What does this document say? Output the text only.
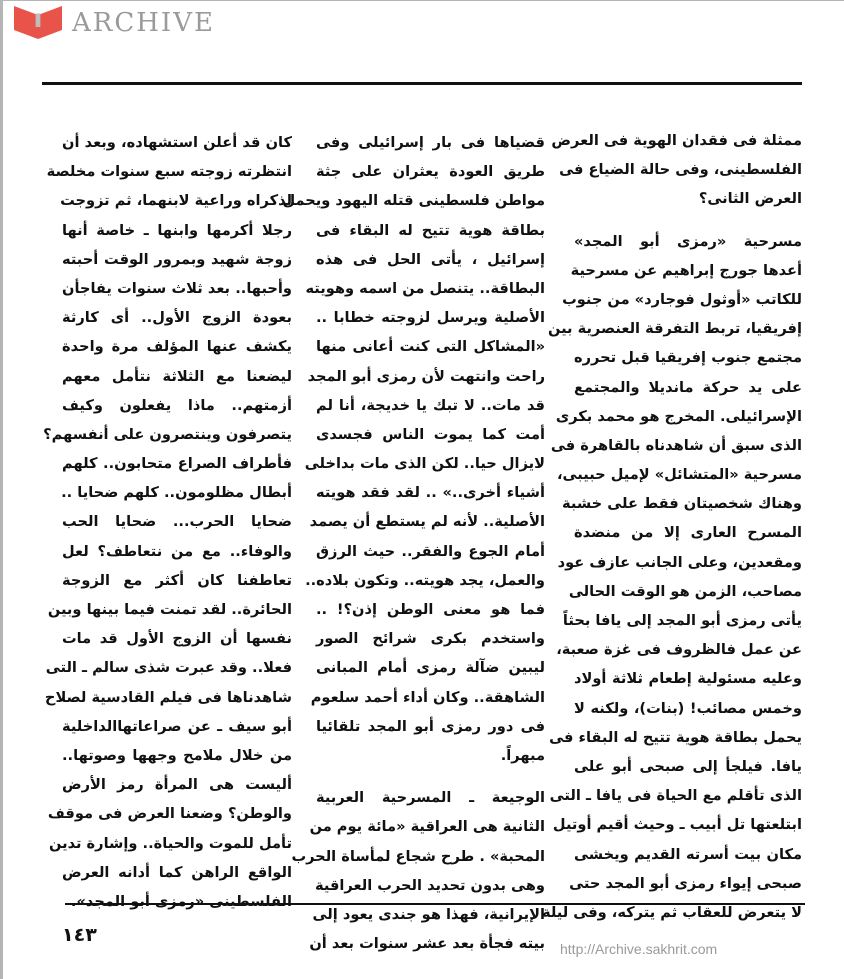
ARCHIVE
http://Archive.sakhrit.com

ممثلة فى فقدان الهوية فى العرض
الفلسطينى، وفى حالة الضياع فى
العرض الثانى؟

مسرحية «رمزى أبو المجد»
أعدها جورج إبراهيم عن مسرحية
للكاتب «أوثول فوجارد» من جنوب
إفريقيا، تربط التفرقة العنصرية بين
مجتمع جنوب إفريقيا قبل تحرره
على يد حركة مانديلا والمجتمع
الإسرائيلى. المخرج هو محمد بكرى
الذى سبق أن شاهدناه بالقاهرة فى
مسرحية «المتشائل» لإميل حبيبى،
وهناك شخصيتان فقط على خشبة
المسرح العارى إلا من منضدة
ومقعدين، وعلى الجانب عازف عود
مصاحب، الزمن هو الوقت الحالى
يأتى رمزى أبو المجد إلى يافا بحثاً
عن عمل فالظروف فى غزة صعبة،
وعليه مسئولية إطعام ثلاثة أولاد
وخمس مصائب! (بنات)، ولكنه لا
يحمل بطاقة هوية تتيح له البقاء فى
يافا. فيلجأ إلى صبحى أبو على
الذى تأقلم مع الحياة فى يافا ـ التى
ابتلعتها تل أبيب ـ وحيث أقيم أوتيل
مكان بيت أسرته القديم ويخشى
صبحى إيواء رمزى أبو المجد حتى
لا يتعرض للعقاب ثم يتركه، وفى ليلة

قضياها فى بار إسرائيلى وفى
طريق العودة يعثران على جثة
مواطن فلسطينى قتله اليهود ويحمل
بطاقة هوية تتيح له البقاء فى
إسرائيل ، يأتى الحل فى هذه
البطاقة.. يتنصل من اسمه وهويته
الأصلية ويرسل لزوجته خطابا ..
«المشاكل التى كنت أعانى منها
راحت وانتهت لأن رمزى أبو المجد
قد مات.. لا تبك يا خديجة، أنا لم
أمت كما يموت الناس فجسدى
لايزال حيا.. لكن الذى مات بداخلى
أشياء أخرى..» .. لقد فقد هويته
الأصلية.. لأنه لم يستطع أن يصمد
أمام الجوع والفقر.. حيث الرزق
والعمل، يجد هويته.. وتكون بلاده..
فما هو معنى الوطن إذن؟! ..
واستخدم بكرى شرائح الصور
ليبين ضآلة رمزى أمام المبانى
الشاهقة.. وكان أداء أحمد سلعوم
فى دور رمزى أبو المجد تلقائيا
مبهراً.

الوجيعة ـ المسرحية العربية
الثانية هى العراقية «مائة يوم من
المحبة» . طرح شجاع لمأساة الحرب
وهى بدون تحديد الحرب العراقية
الإيرانية، فهذا هو جندى يعود إلى
بيته فجأة بعد عشر سنوات بعد أن

كان قد أعلن استشهاده، وبعد أن
انتظرته زوجته سبع سنوات مخلصة
لذكراه وراعية لابنهما، ثم تزوجت
رجلا أكرمها وابنها ـ خاصة أنها
زوجة شهيد وبمرور الوقت أحبته
وأحبها.. بعد ثلاث سنوات يفاجأن
بعودة الزوج الأول.. أى كارثة
يكشف عنها المؤلف مرة واحدة
ليضعنا مع الثلاثة نتأمل معهم
أزمتهم.. ماذا يفعلون وكيف
يتصرفون وينتصرون على أنفسهم؟
فأطراف الصراع متحابون.. كلهم
أبطال مظلومون.. كلهم ضحايا ..
ضحايا الحرب... ضحايا الحب
والوفاء.. مع من نتعاطف؟ لعل
تعاطفنا كان أكثر مع الزوجة
الحائرة.. لقد تمنت فيما بينها وبين
نفسها أن الزوج الأول قد مات
فعلا.. وقد عبرت شذى سالم ـ التى
شاهدناها فى فيلم القادسية لصلاح
أبو سيف ـ عن صراعاتهاالداخلية
من خلال ملامح وجهها وصوتها..
أليست هى المرأة رمز الأرض
والوطن؟ وضعنا العرض فى موقف
تأمل للموت والحياة.. وإشارة تدين
الواقع الراهن كما أدانه العرض
الفلسطينى «رمزى أبو المجد».

١٤٣
